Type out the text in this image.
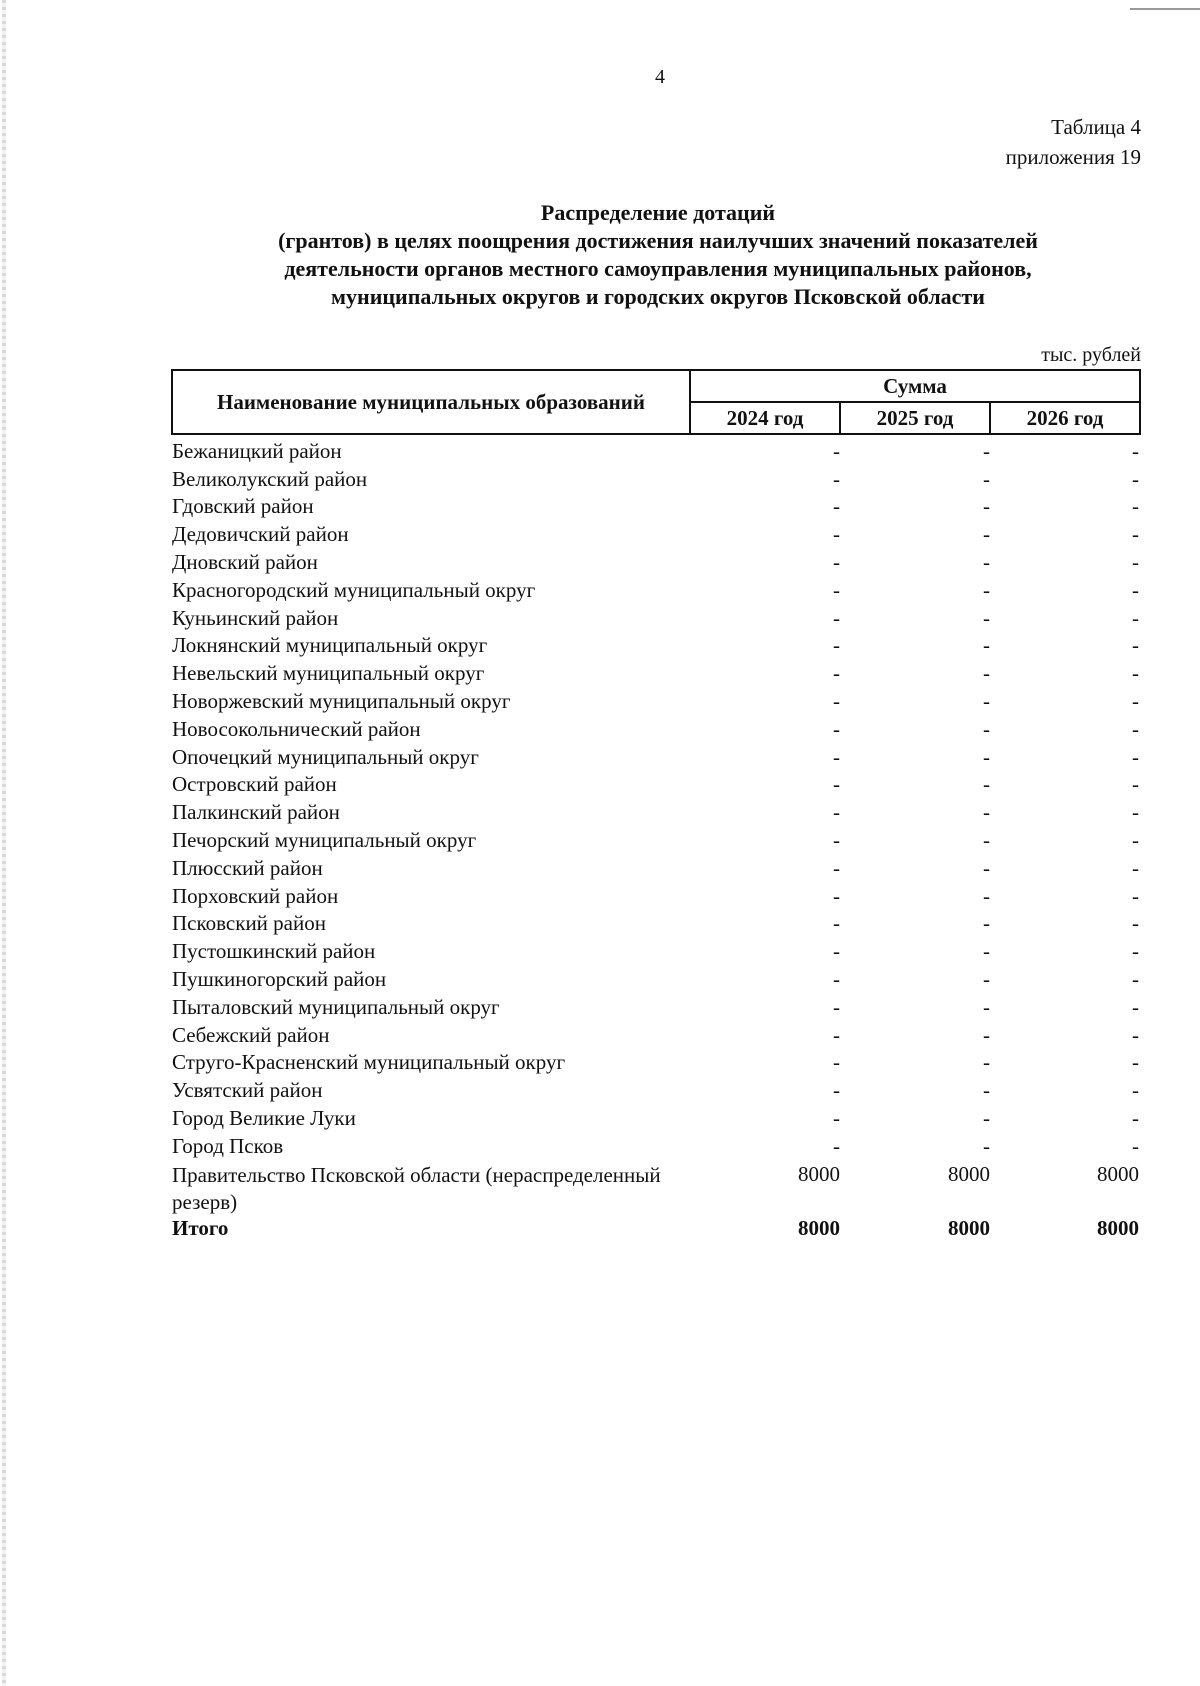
4
Таблица 4
приложения 19
Распределение дотаций
(грантов) в целях поощрения достижения наилучших значений показателей
деятельности органов местного самоуправления муниципальных районов,
муниципальных округов и городских округов Псковской области
тыс. рублей
Наименование муниципальных образований	Сумма		
	2024 год	2025 год	2026 год
Бежаницкий район	-	-	-
Великолукский район	-	-	-
Гдовский район	-	-	-
Дедовичский район	-	-	-
Дновский район	-	-	-
Красногородский муниципальный округ	-	-	-
Куньинский район	-	-	-
Локнянский муниципальный округ	-	-	-
Невельский муниципальный округ	-	-	-
Новоржевский муниципальный округ	-	-	-
Новосокольнический район	-	-	-
Опочецкий муниципальный округ	-	-	-
Островский район	-	-	-
Палкинский район	-	-	-
Печорский муниципальный округ	-	-	-
Плюсский район	-	-	-
Порховский район	-	-	-
Псковский район	-	-	-
Пустошкинский район	-	-	-
Пушкиногорский район	-	-	-
Пыталовский муниципальный округ	-	-	-
Себежский район	-	-	-
Струго-Красненский муниципальный округ	-	-	-
Усвятский район	-	-	-
Город Великие Луки	-	-	-
Город Псков	-	-	-
Правительство Псковской области (нераспределенный резерв)	8000	8000	8000
Итого	8000	8000	8000
